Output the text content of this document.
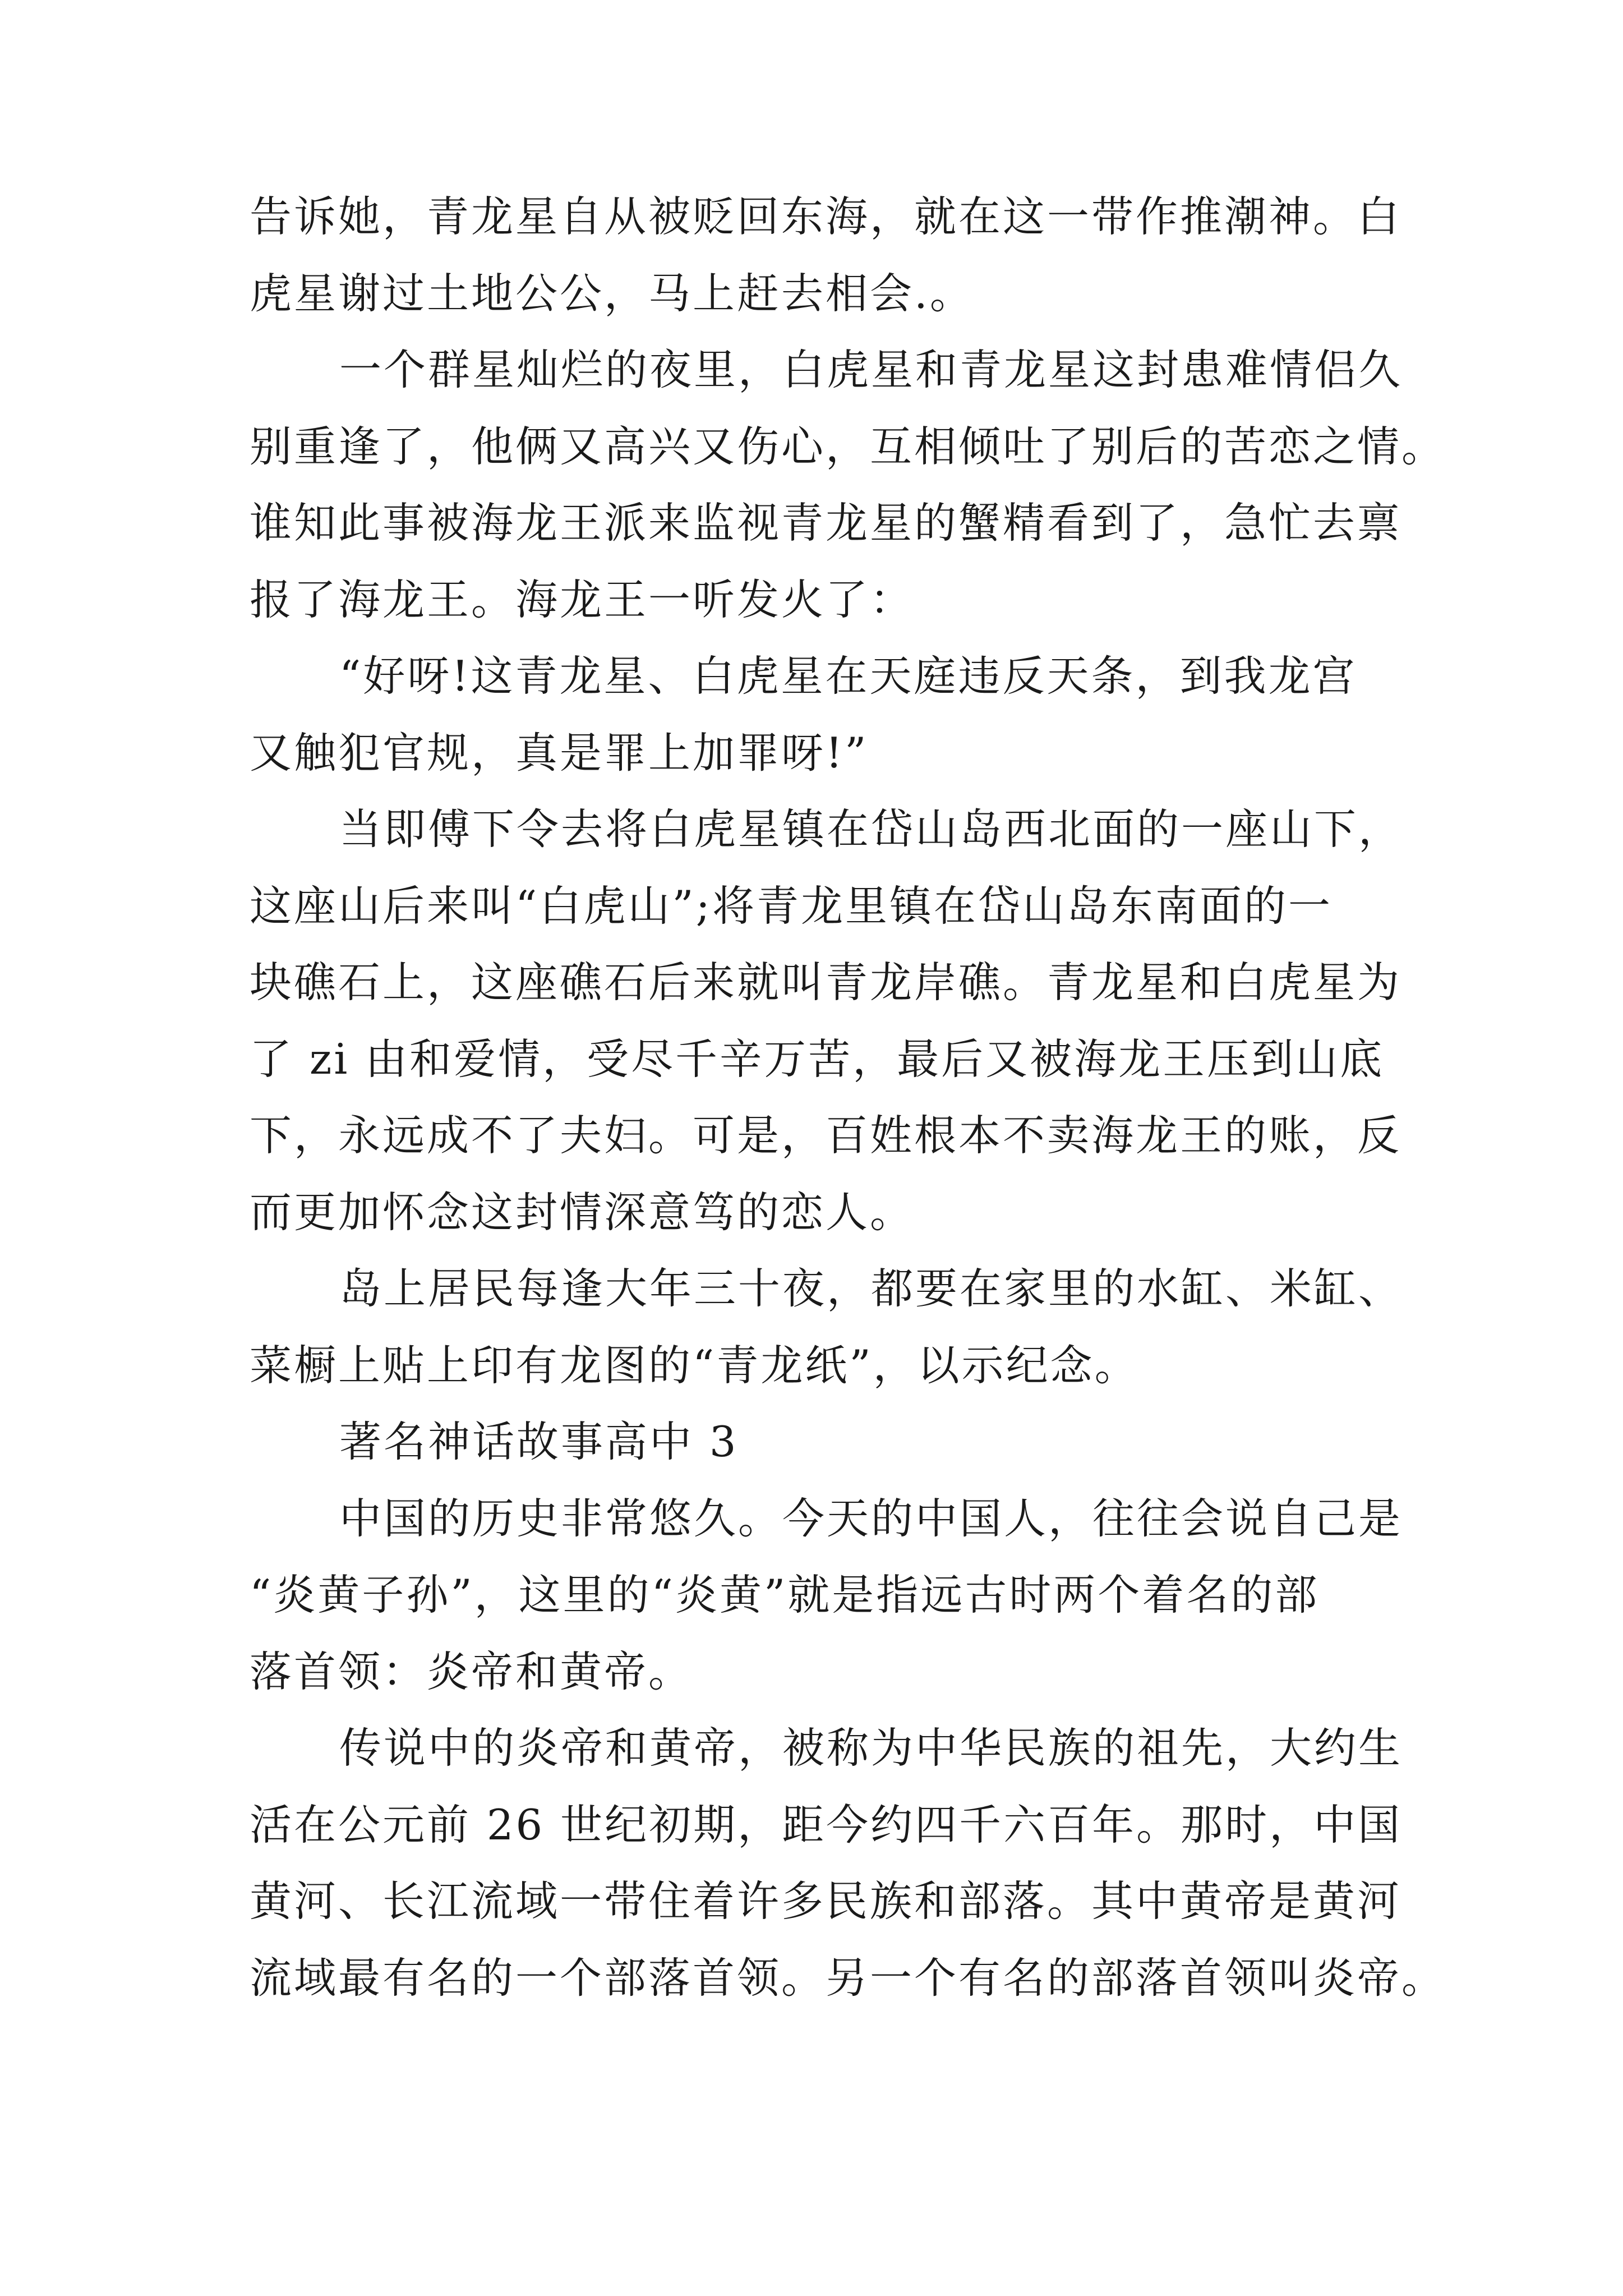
告诉她，青龙星自从被贬回东海，就在这一带作推潮神。白
虎星谢过土地公公，马上赶去相会.。
一个群星灿烂的夜里，白虎星和青龙星这封患难情侣久
别重逢了，他俩又高兴又伤心，互相倾吐了别后的苦恋之情。
谁知此事被海龙王派来监视青龙星的蟹精看到了，急忙去禀
报了海龙王。海龙王一听发火了：
“好呀!这青龙星、白虎星在天庭违反天条，到我龙宫
又触犯官规，真是罪上加罪呀!”
当即傅下令去将白虎星镇在岱山岛西北面的一座山下，
这座山后来叫“白虎山”;将青龙里镇在岱山岛东南面的一
块礁石上，这座礁石后来就叫青龙岸礁。青龙星和白虎星为
了 zi 由和爱情，受尽千辛万苦，最后又被海龙王压到山底
下，永远成不了夫妇。可是，百姓根本不卖海龙王的账，反
而更加怀念这封情深意笃的恋人。
岛上居民每逢大年三十夜，都要在家里的水缸、米缸、
菜橱上贴上印有龙图的“青龙纸”，以示纪念。
著名神话故事高中 3
中国的历史非常悠久。今天的中国人，往往会说自己是
“炎黄子孙”，这里的“炎黄”就是指远古时两个着名的部
落首领：炎帝和黄帝。
传说中的炎帝和黄帝，被称为中华民族的祖先，大约生
活在公元前 26 世纪初期，距今约四千六百年。那时，中国
黄河、长江流域一带住着许多民族和部落。其中黄帝是黄河
流域最有名的一个部落首领。另一个有名的部落首领叫炎帝。
